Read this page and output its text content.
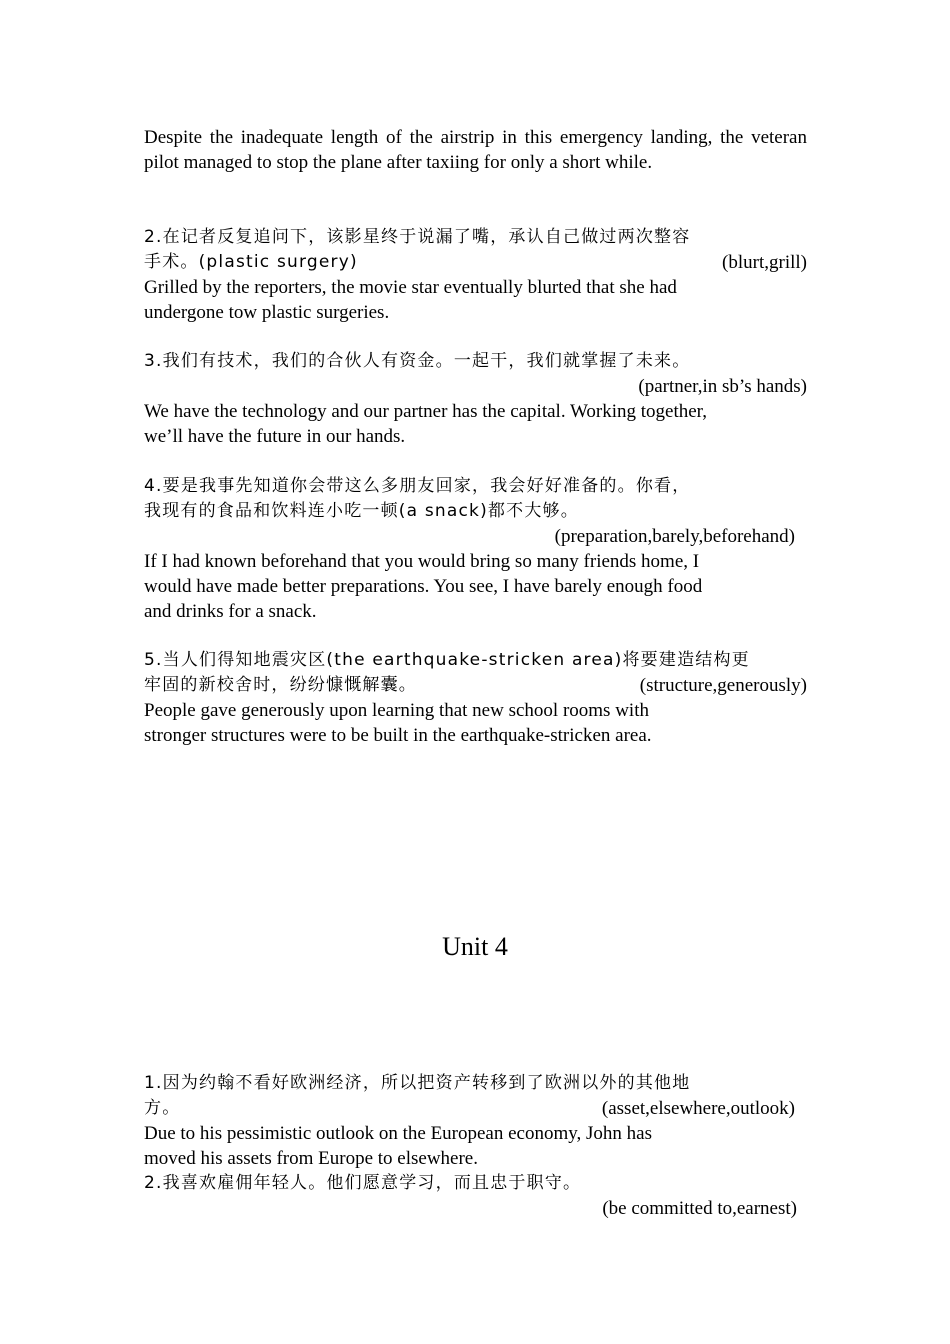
Despite the inadequate length of the airstrip in this emergency landing, the veteran pilot managed to stop the plane after taxiing for only a short while.
2.在记者反复追问下，该影星终于说漏了嘴，承认自己做过两次整容
手术。(plastic surgery)	(blurt,grill)
Grilled by the reporters, the movie star eventually blurted that she had
undergone tow plastic surgeries.
3.我们有技术，我们的合伙人有资金。一起干，我们就掌握了未来。
(partner,in sb’s hands)
We have the technology and our partner has the capital. Working together,
we’ll have the future in our hands.
4.要是我事先知道你会带这么多朋友回家，我会好好准备的。你看，
我现有的食品和饮料连小吃一顿(a snack)都不大够。
(preparation,barely,beforehand)
If I had known beforehand that you would bring so many friends home, I
would have made better preparations. You see, I have barely enough food
and drinks for a snack.
5.当人们得知地震灾区(the earthquake-stricken area)将要建造结构更
牢固的新校舍时，纷纷慷慨解囊。	(structure,generously)
People gave generously upon learning that new school rooms with
stronger structures were to be built in the earthquake-stricken area.
Unit 4
1.因为约翰不看好欧洲经济，所以把资产转移到了欧洲以外的其他地
方。	(asset,elsewhere,outlook)
Due to his pessimistic outlook on the European economy, John has
moved his assets from Europe to elsewhere.
2.我喜欢雇佣年轻人。他们愿意学习，而且忠于职守。
(be committed to,earnest)
